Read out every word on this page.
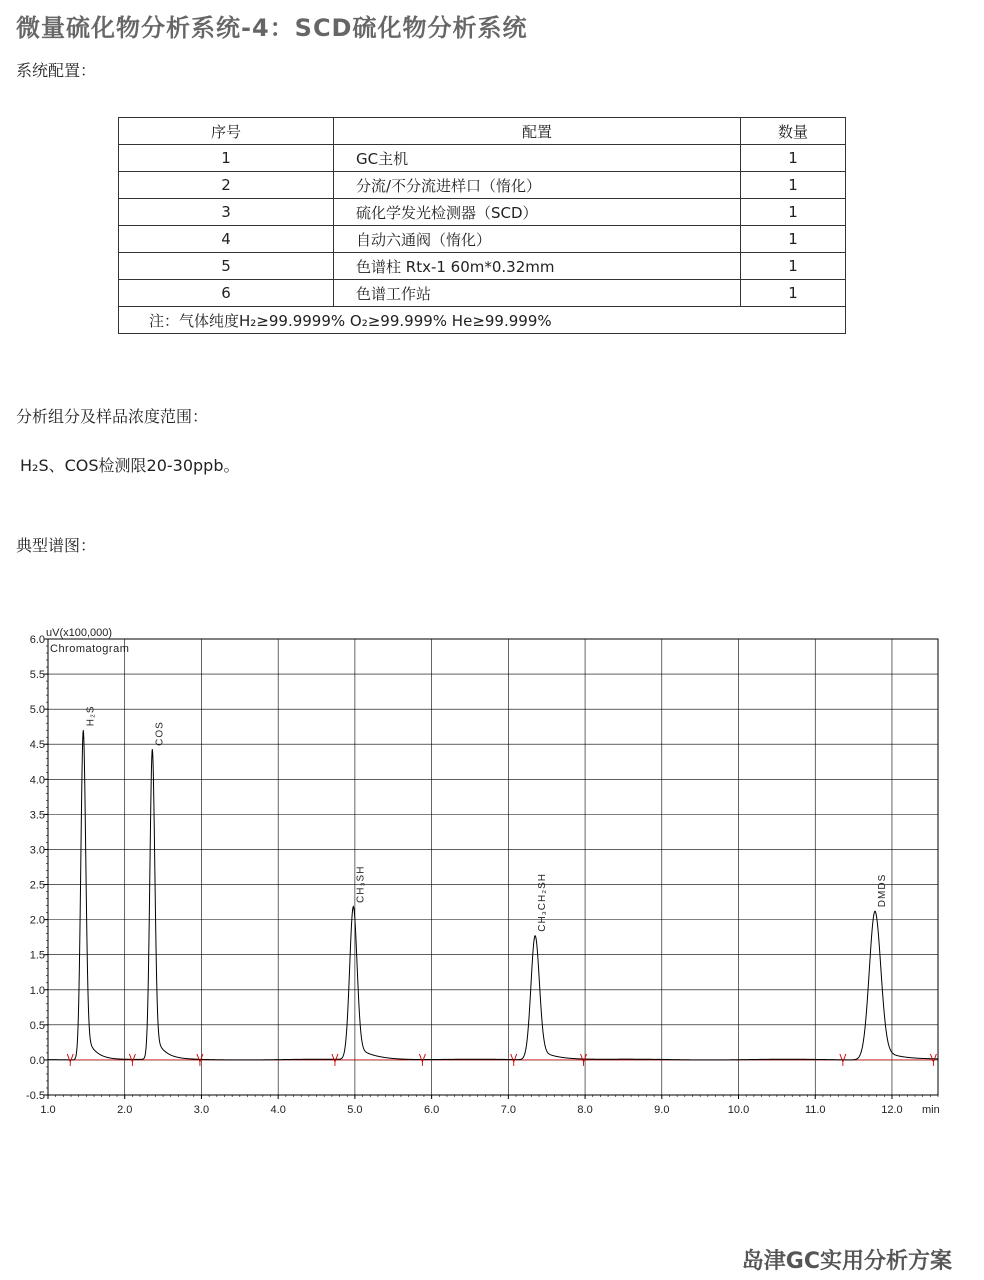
微量硫化物分析系统-4：SCD硫化物分析系统
系统配置：
序号	配置	数量
1	GC主机	1
2	分流/不分流进样口（惰化）	1
3	硫化学发光检测器（SCD）	1
4	自动六通阀（惰化）	1
5	色谱柱 Rtx-1 60m*0.32mm	1
6	色谱工作站	1
注：气体纯度H₂≥99.9999% O₂≥99.999% He≥99.999%		
分析组分及样品浓度范围：
H₂S、COS检测限20-30ppb。
典型谱图：
6.0
5.5
5.0
4.5
4.0
3.5
3.0
2.5
2.0
1.5
1.0
0.5
0.0
-0.5
1.0	2.0	3.0	4.0	5.0	6.0	7.0	8.0	9.0	10.0	11.0	12.0
H₂S
COS
CH₃SH	CH₃CH₂SH	DMDS
uV(x100,000)
Chromatogram
min
岛津GC实用分析方案
